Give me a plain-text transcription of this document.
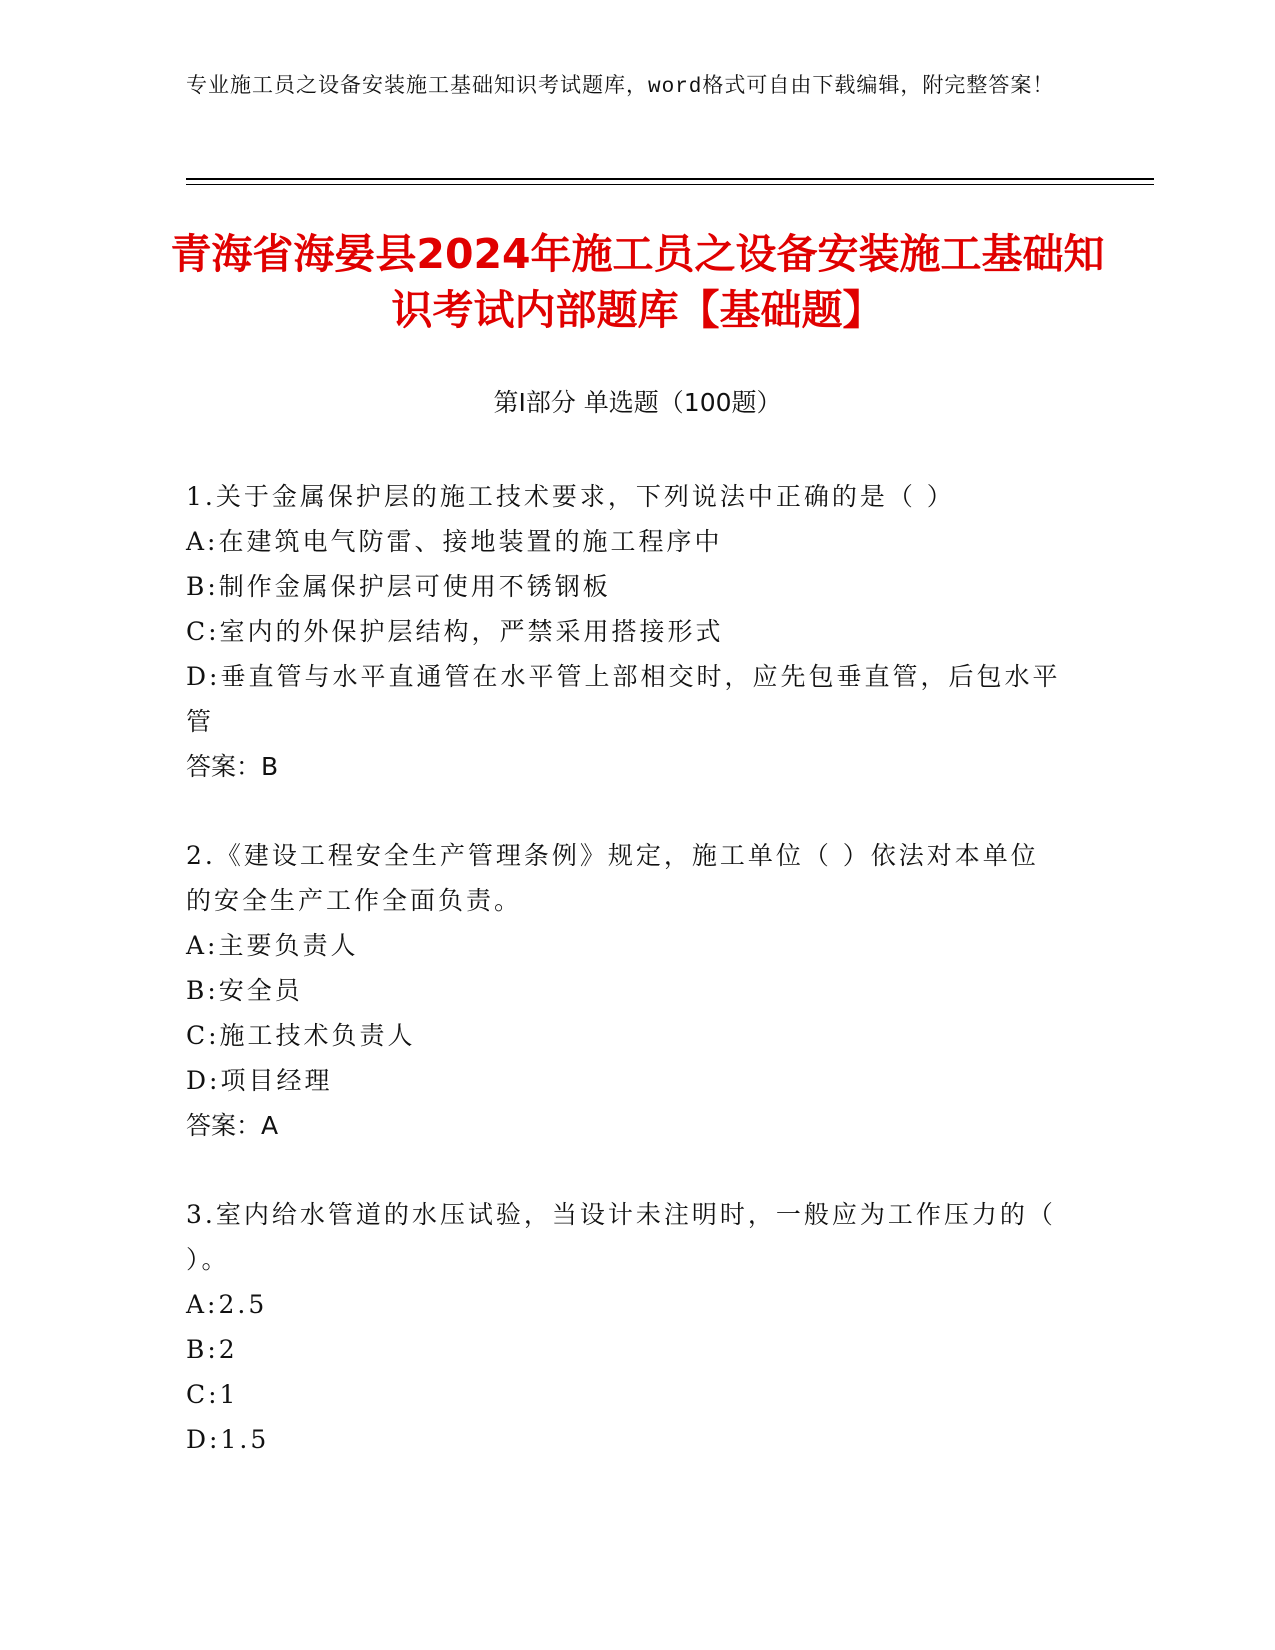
专业施工员之设备安装施工基础知识考试题库，word格式可自由下载编辑，附完整答案！
青海省海晏县2024年施工员之设备安装施工基础知识考试内部题库【基础题】
第Ⅰ部分 单选题（100题）
1.关于金属保护层的施工技术要求，下列说法中正确的是（ ）
A:在建筑电气防雷、接地装置的施工程序中
B:制作金属保护层可使用不锈钢板
C:室内的外保护层结构，严禁采用搭接形式
D:垂直管与水平直通管在水平管上部相交时，应先包垂直管，后包水平管
答案：B
2.《建设工程安全生产管理条例》规定，施工单位（ ）依法对本单位的安全生产工作全面负责。
A:主要负责人
B:安全员
C:施工技术负责人
D:项目经理
答案：A
3.室内给水管道的水压试验，当设计未注明时，一般应为工作压力的（ ）。
A:2.5
B:2
C:1
D:1.5
